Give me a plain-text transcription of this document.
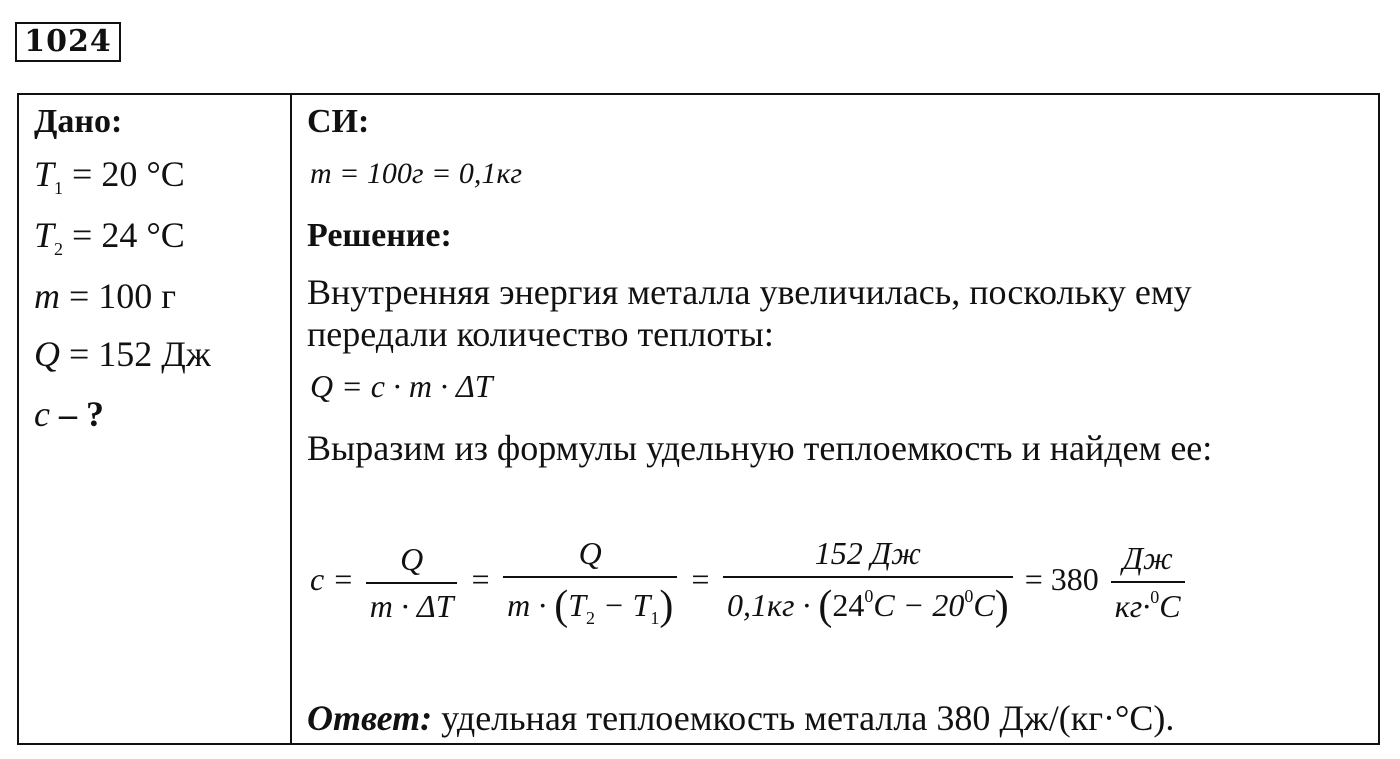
1024
Дано:
$T_1 = 20$ °C
$T_2 = 24$ °C
m = 100 г
Q = 152 Дж
c – ?
СИ:
m = 100г = 0,1кг
Решение:
Внутренняя энергия металла увеличилась, поскольку ему передали количество теплоты:
Q = c · m · ΔT
Выразим из формулы удельную теплоемкость и найдем ее:
$c = \frac{Q}{m \cdot \Delta T} = \frac{Q}{m \cdot (T_2 - T_1)} = \frac{152 Дж}{0,1кг \cdot (24^0C - 20^0C)} = 380 \frac{Дж}{кг\cdot^0C}$
Ответ: удельная теплоемкость металла 380 Дж/(кг·°С).
